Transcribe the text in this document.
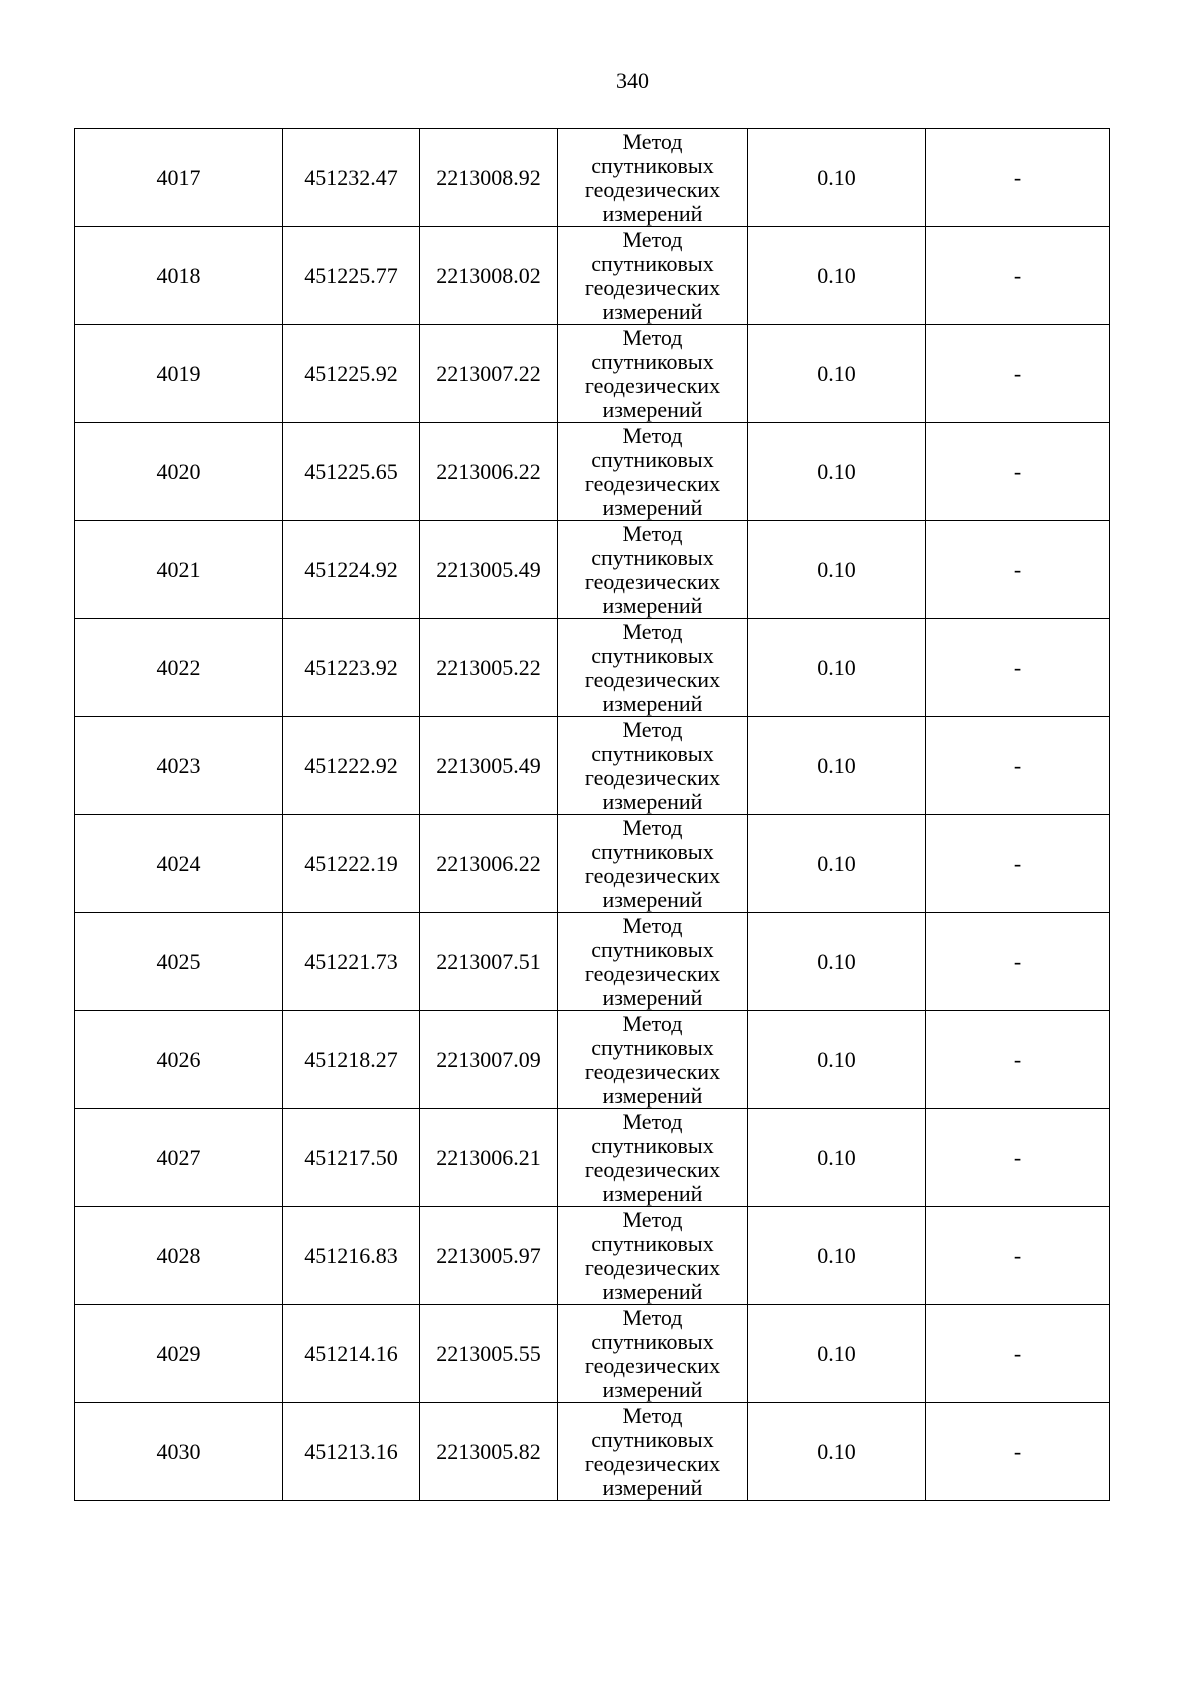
340
4017	451232.47	2213008.92	Метод
спутниковых
геодезических
измерений	0.10	-
4018	451225.77	2213008.02	Метод
спутниковых
геодезических
измерений	0.10	-
4019	451225.92	2213007.22	Метод
спутниковых
геодезических
измерений	0.10	-
4020	451225.65	2213006.22	Метод
спутниковых
геодезических
измерений	0.10	-
4021	451224.92	2213005.49	Метод
спутниковых
геодезических
измерений	0.10	-
4022	451223.92	2213005.22	Метод
спутниковых
геодезических
измерений	0.10	-
4023	451222.92	2213005.49	Метод
спутниковых
геодезических
измерений	0.10	-
4024	451222.19	2213006.22	Метод
спутниковых
геодезических
измерений	0.10	-
4025	451221.73	2213007.51	Метод
спутниковых
геодезических
измерений	0.10	-
4026	451218.27	2213007.09	Метод
спутниковых
геодезических
измерений	0.10	-
4027	451217.50	2213006.21	Метод
спутниковых
геодезических
измерений	0.10	-
4028	451216.83	2213005.97	Метод
спутниковых
геодезических
измерений	0.10	-
4029	451214.16	2213005.55	Метод
спутниковых
геодезических
измерений	0.10	-
4030	451213.16	2213005.82	Метод
спутниковых
геодезических
измерений	0.10	-
